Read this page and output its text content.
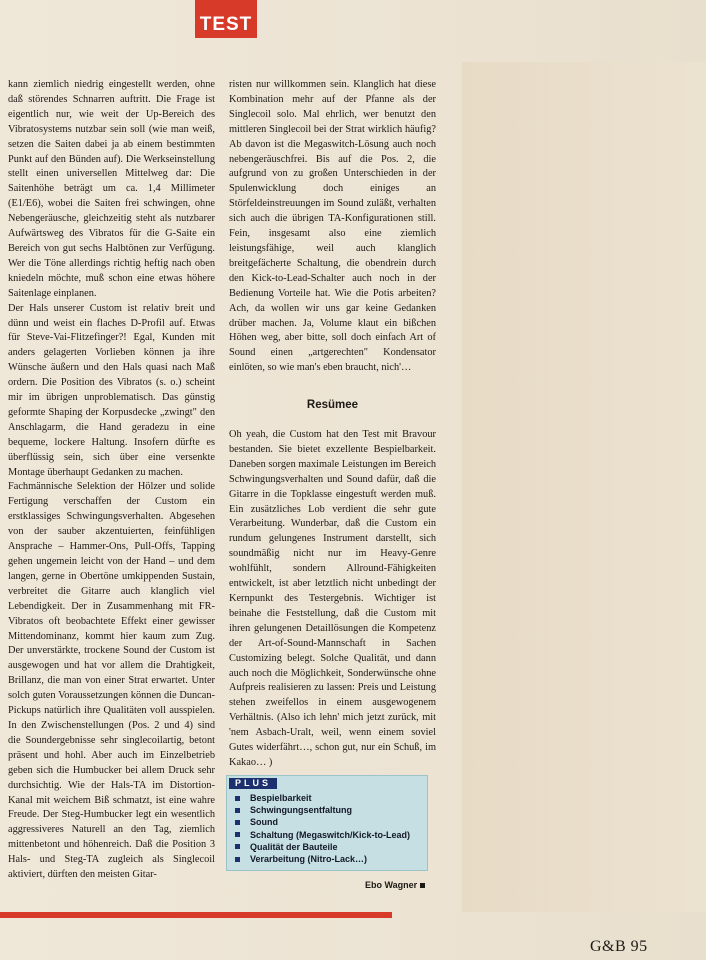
TEST

kann ziemlich niedrig eingestellt werden, ohne daß störendes Schnarren auftritt. Die Frage ist eigentlich nur, wie weit der Up-Bereich des Vibratosystems nutzbar sein soll (wie man weiß, setzen die Saiten dabei ja ab einem bestimmten Punkt auf den Bünden auf). Die Werkseinstellung stellt einen universellen Mittelweg dar: Die Saitenhöhe beträgt um ca. 1,4 Millimeter (E1/E6), wobei die Saiten frei schwingen, ohne Nebengeräusche, gleichzeitig steht als nutzbarer Aufwärtsweg des Vibratos für die G-Saite ein Bereich von gut sechs Halbtönen zur Verfügung. Wer die Töne allerdings richtig heftig nach oben kniedeln möchte, muß schon eine etwas höhere Saitenlage einplanen.

Der Hals unserer Custom ist relativ breit und dünn und weist ein flaches D-Profil auf. Etwas für Steve-Vai-Flitzefinger?! Egal, Kunden mit anders gelagerten Vorlieben können ja ihre Wünsche äußern und den Hals quasi nach Maß ordern. Die Position des Vibratos (s. o.) scheint mir im übrigen unproblematisch. Das günstig geformte Shaping der Korpusdecke „zwingt" den Anschlagarm, die Hand geradezu in eine bequeme, lockere Haltung. Insofern dürfte es überflüssig sein, sich über eine versenkte Montage überhaupt Gedanken zu machen.

Fachmännische Selektion der Hölzer und solide Fertigung verschaffen der Custom ein erstklassiges Schwingungsverhalten. Abgesehen von der sauber akzentuierten, feinfühligen Ansprache – Hammer-Ons, Pull-Offs, Tapping gehen ungemein leicht von der Hand – und dem langen, gerne in Obertöne umkippenden Sustain, verbreitet die Gitarre auch klanglich viel Lebendigkeit. Der in Zusammenhang mit FR-Vibratos oft beobachtete Effekt einer gewisser Mittendominanz, kommt hier kaum zum Zug. Der unverstärkte, trockene Sound der Custom ist ausgewogen und hat vor allem die Drahtigkeit, Brillanz, die man von einer Strat erwartet. Unter solch guten Voraussetzungen können die Duncan-Pickups natürlich ihre Qualitäten voll ausspielen. In den Zwischenstellungen (Pos. 2 und 4) sind die Soundergebnisse sehr singlecoilartig, betont präsent und hohl. Aber auch im Einzelbetrieb geben sich die Humbucker bei allem Druck sehr durchsichtig. Wie der Hals-TA im Distortion-Kanal mit weichem Biß schmatzt, ist eine wahre Freude. Der Steg-Humbucker legt ein wesentlich aggressiveres Naturell an den Tag, ziemlich mittenbetont und höhenreich. Daß die Position 3 Hals- und Steg-TA zugleich als Singlecoil aktiviert, dürften den meisten Gitar-

risten nur willkommen sein. Klanglich hat diese Kombination mehr auf der Pfanne als der Singlecoil solo. Mal ehrlich, wer benutzt den mittleren Singlecoil bei der Strat wirklich häufig? Ab davon ist die Megaswitch-Lösung auch noch nebengeräuschfrei. Bis auf die Pos. 2, die aufgrund von zu großen Unterschieden in der Spulenwicklung doch einiges an Störfeldeinstreuungen im Sound zuläßt, verhalten sich auch die übrigen TA-Konfigurationen still. Fein, insgesamt also eine ziemlich leistungsfähige, weil auch klanglich breitgefächerte Schaltung, die obendrein durch den Kick-to-Lead-Schalter auch noch in der Bedienung Vorteile hat. Wie die Potis arbeiten? Ach, da wollen wir uns gar keine Gedanken drüber machen. Ja, Volume klaut ein bißchen Höhen weg, aber bitte, soll doch einfach Art of Sound einen „artgerechten" Kondensator einlöten, so wie man's eben braucht, nich'…

Resümee

Oh yeah, die Custom hat den Test mit Bravour bestanden. Sie bietet exzellente Bespielbarkeit. Daneben sorgen maximale Leistungen im Bereich Schwingungsverhalten und Sound dafür, daß die Gitarre in die Topklasse eingestuft werden muß. Ein zusätzliches Lob verdient die sehr gute Verarbeitung. Wunderbar, daß die Custom ein rundum gelungenes Instrument darstellt, sich soundmäßig nicht nur im Heavy-Genre wohlfühlt, sondern Allround-Fähigkeiten entwickelt, ist aber letztlich nicht unbedingt der Kernpunkt des Testergebnis. Wichtiger ist beinahe die Feststellung, daß die Custom mit ihren gelungenen Detaillösungen die Kompetenz der Art-of-Sound-Mannschaft in Sachen Customizing belegt. Solche Qualität, und dann auch noch die Möglichkeit, Sonderwünsche ohne Aufpreis realisieren zu lassen: Preis und Leistung stehen zweifellos in einem ausgewogenem Verhältnis. (Also ich lehn' mich jetzt zurück, mit 'nem Asbach-Uralt, weil, wenn einem soviel Gutes widerfährt…, schon gut, nur ein Schuß, im Kakao… )

PLUS
Bespielbarkeit
Schwingungsentfaltung
Sound
Schaltung (Megaswitch/Kick-to-Lead)
Qualität der Bauteile
Verarbeitung (Nitro-Lack…)
Ebo Wagner
G&B 95
